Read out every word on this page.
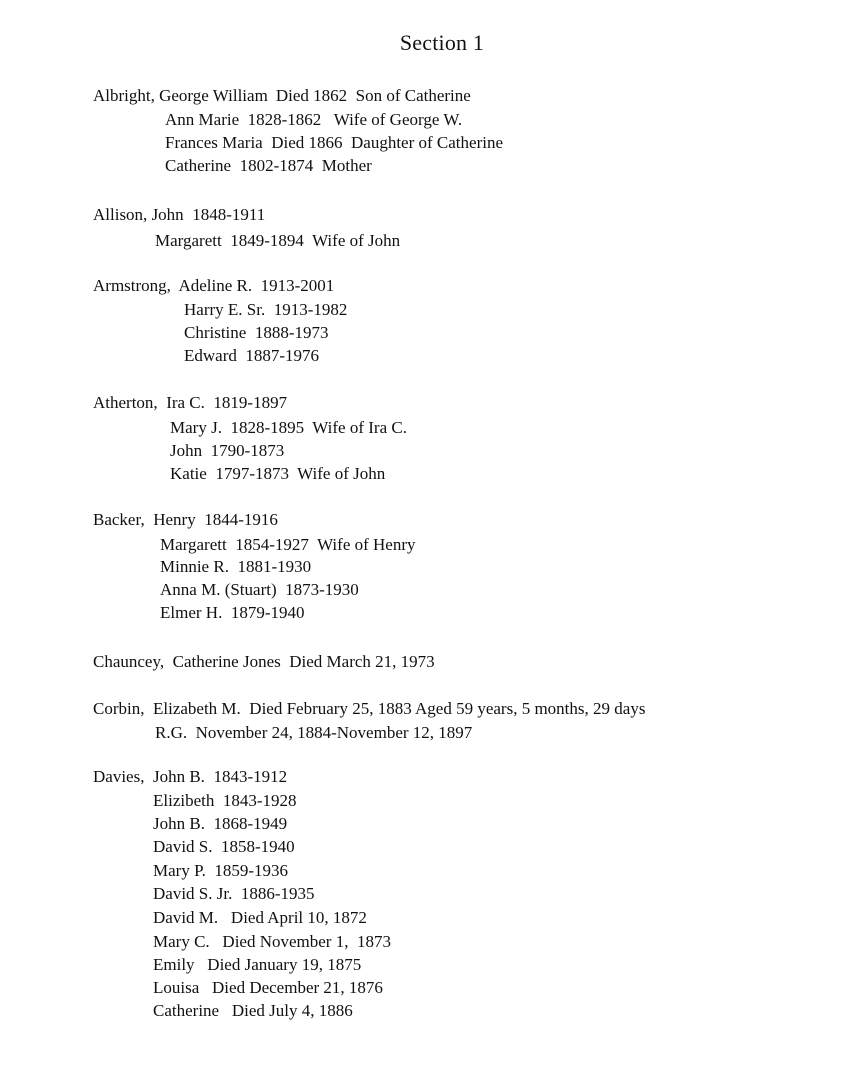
Section 1
Albright, George William Died 1862  Son of Catherine
Ann Marie  1828-1862   Wife of George W.
Frances Maria  Died 1866  Daughter of Catherine
Catherine  1802-1874  Mother
Allison, John 1848-1911
Margarett  1849-1894  Wife of John
Armstrong, Adeline R. 1913-2001
Harry E. Sr.  1913-1982
Christine  1888-1973
Edward  1887-1976
Atherton, Ira C. 1819-1897
Mary J.  1828-1895  Wife of Ira C.
John  1790-1873
Katie  1797-1873  Wife of John
Backer, Henry 1844-1916
Margarett  1854-1927  Wife of Henry
Minnie R.  1881-1930
Anna M. (Stuart)  1873-1930
Elmer H.  1879-1940
Chauncey, Catherine Jones Died March 21, 1973
Corbin, Elizabeth M. Died February 25, 1883 Aged 59 years, 5 months, 29 days
R.G.  November 24, 1884-November 12, 1897
Davies, John B. 1843-1912
Elizibeth  1843-1928
John B.  1868-1949
David S.  1858-1940
Mary P.  1859-1936
David S. Jr.  1886-1935
David M.   Died April 10, 1872
Mary C.   Died November 1,  1873
Emily   Died January 19, 1875
Louisa   Died December 21, 1876
Catherine   Died July 4, 1886
